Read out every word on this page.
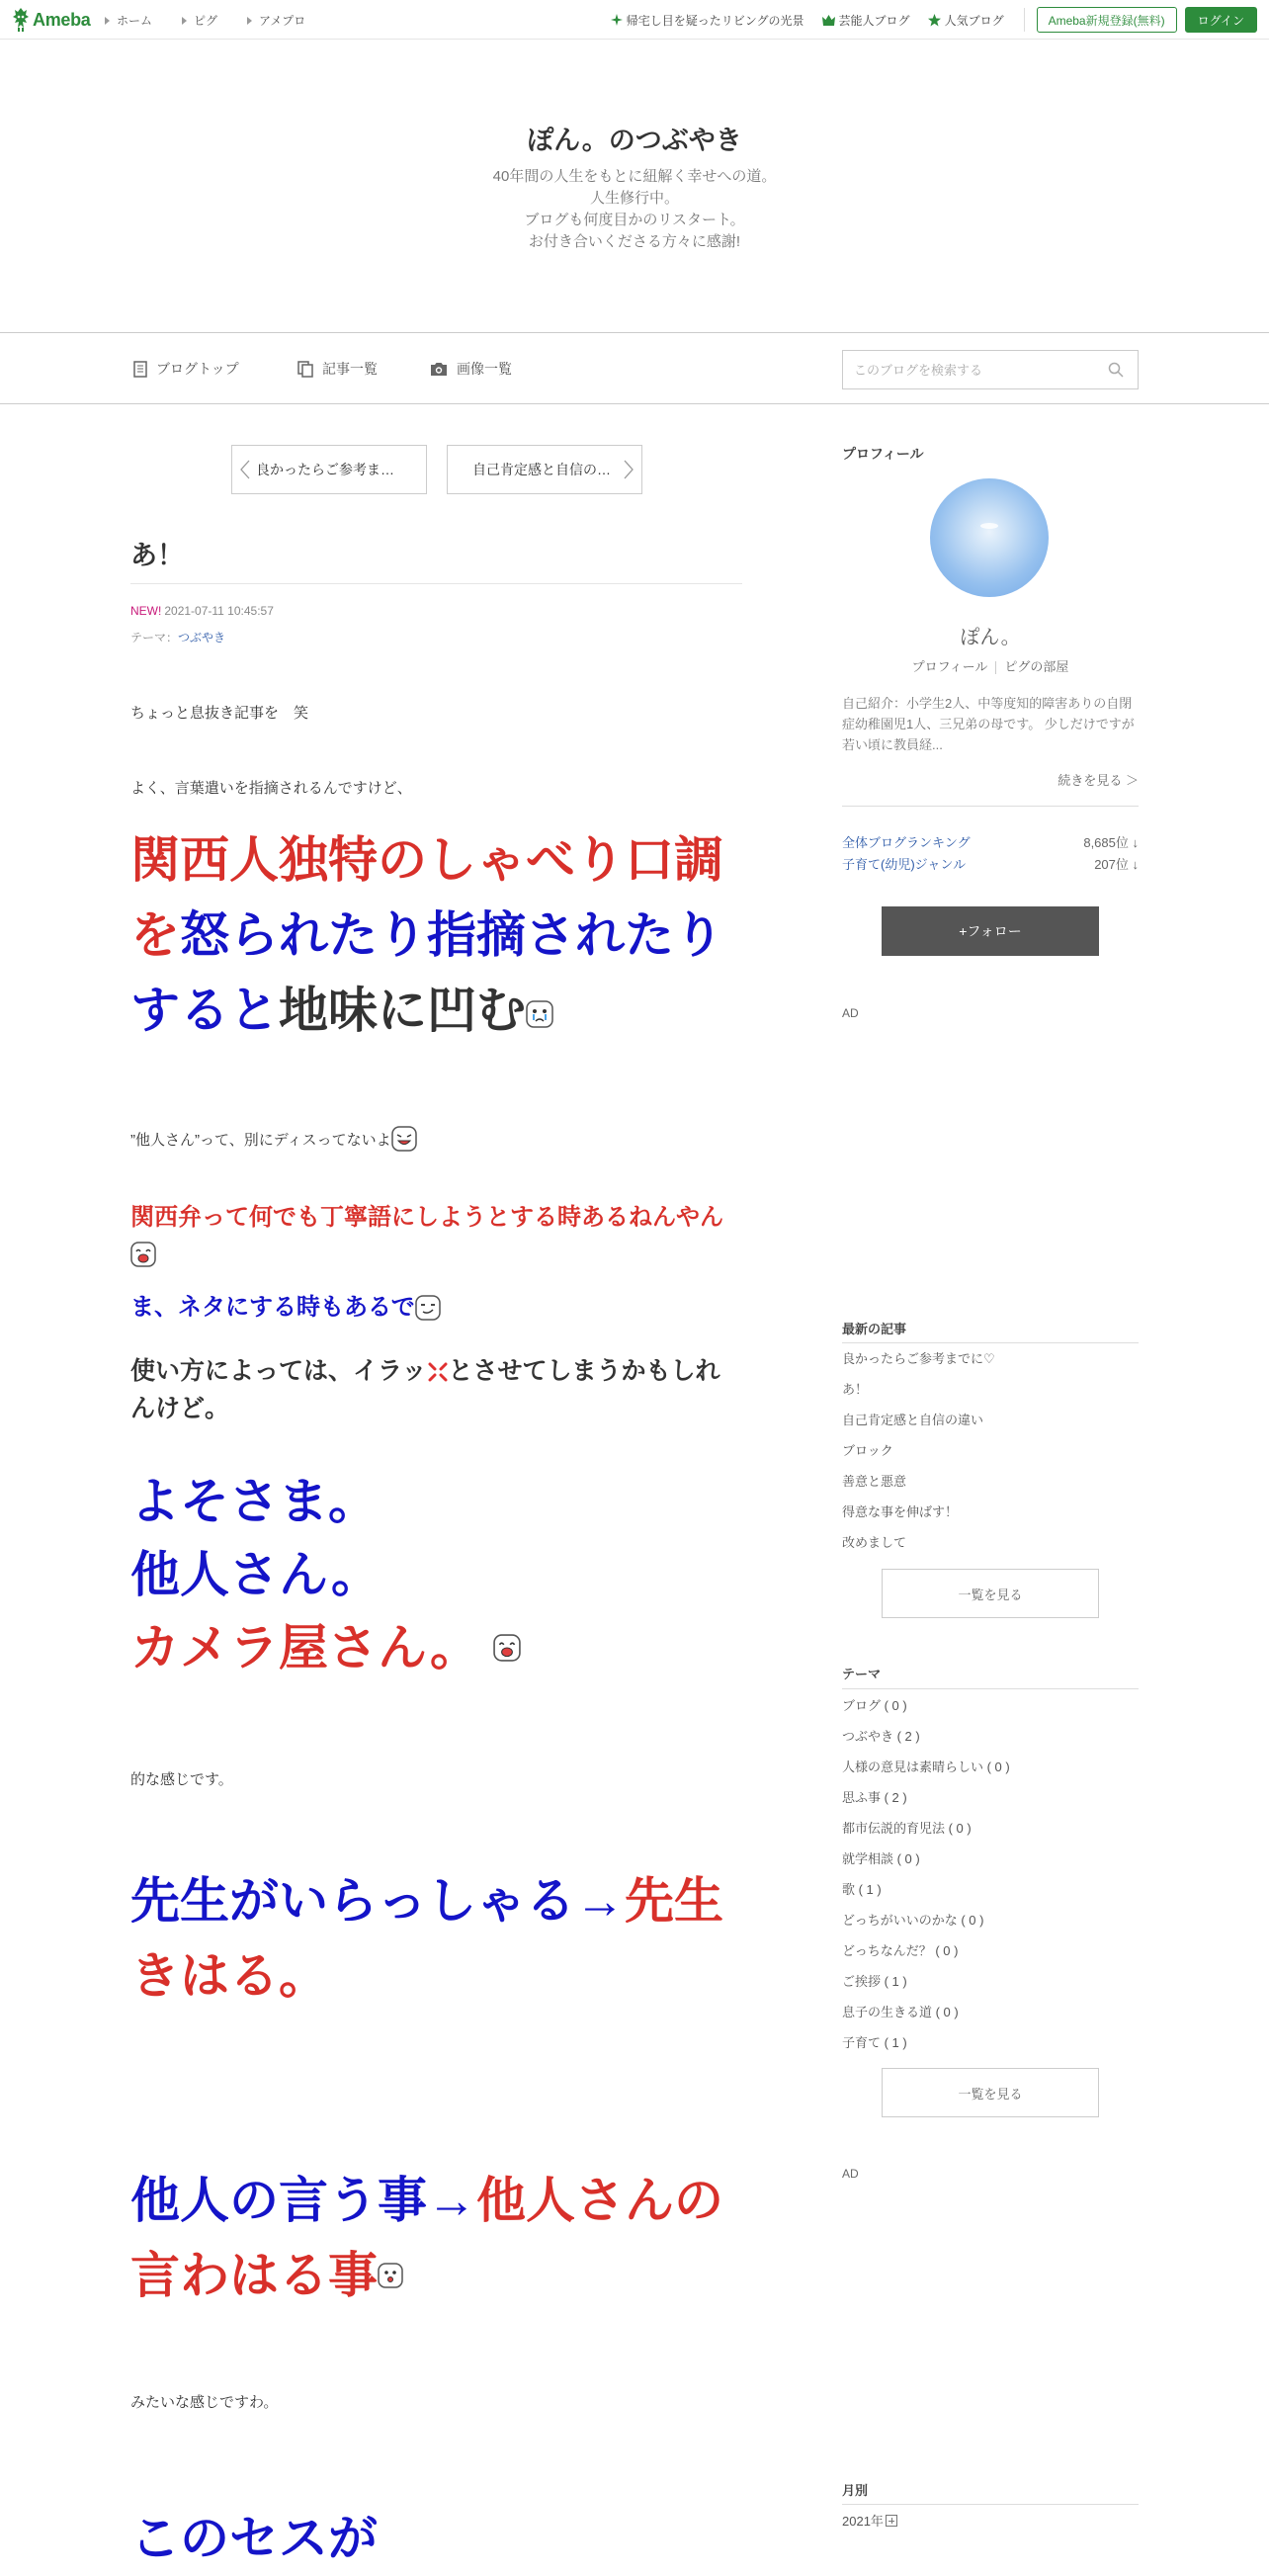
Ameba ホーム	ピグ	アメプロ	帰宅し目を疑ったリビングの光景	芸能人ブログ	人気ブログ	Ameba新規登録(無料)	ログイン
ぽん。のつぶやき
40年間の人生をもとに紐解く幸せへの道。
人生修行中。
ブログも何度目かのリスタート。
お付き合いくださる方々に感謝!
ブログトップ	記事一覧	画像一覧
このブログを検索する
良かったらご参考ま…	自己肯定感と自信の…
あ！
NEW! 2021-07-11 10:45:57
テーマ：つぶやき
ちょっと息抜き記事を　笑
よく、言葉遣いを指摘されるんですけど、
関西人独特のしゃべり口調
を怒られたり指摘されたり
すると地味に凹む
”他人さん”って、別にディスってないよ
関西弁って何でも丁寧語にしようとする時あるねんやん

ま、ネタにする時もあるで
使い方によっては、イラッ とさせてしまうかもしれ
んけど。
よそさま。
他人さん。
カメラ屋さん。
的な感じです。
先生がいらっしゃる→先生
きはる。
他人の言う事→他人さんの
言わはる事
みたいな感じですわ。
このセスが
プロフィール
ぽん。
プロフィール ピグの部屋
自己紹介：小学生2人、中等度知的障害ありの自閉症幼稚園児1人、三兄弟の母です。 少しだけですが若い頃に教員経...
続きを見る ＞
全体ブログランキング	8,685位 ↓
子育て(幼児)ジャンル	207位 ↓
+フォロー
AD
最新の記事
良かったらご参考までに♡
あ！
自己肯定感と自信の違い
ブロック
善意と悪意
得意な事を伸ばす！
改めまして
一覧を見る
テーマ
ブログ ( 0 )
つぶやき ( 2 )
人様の意見は素晴らしい ( 0 )
思ふ事 ( 2 )
都市伝説的育児法 ( 0 )
就学相談 ( 0 )
歌 ( 1 )
どっちがいいのかな ( 0 )
どっちなんだ？ ( 0 )
ご挨拶 ( 1 )
息子の生きる道 ( 0 )
子育て ( 1 )
一覧を見る
AD
月別
2021年
